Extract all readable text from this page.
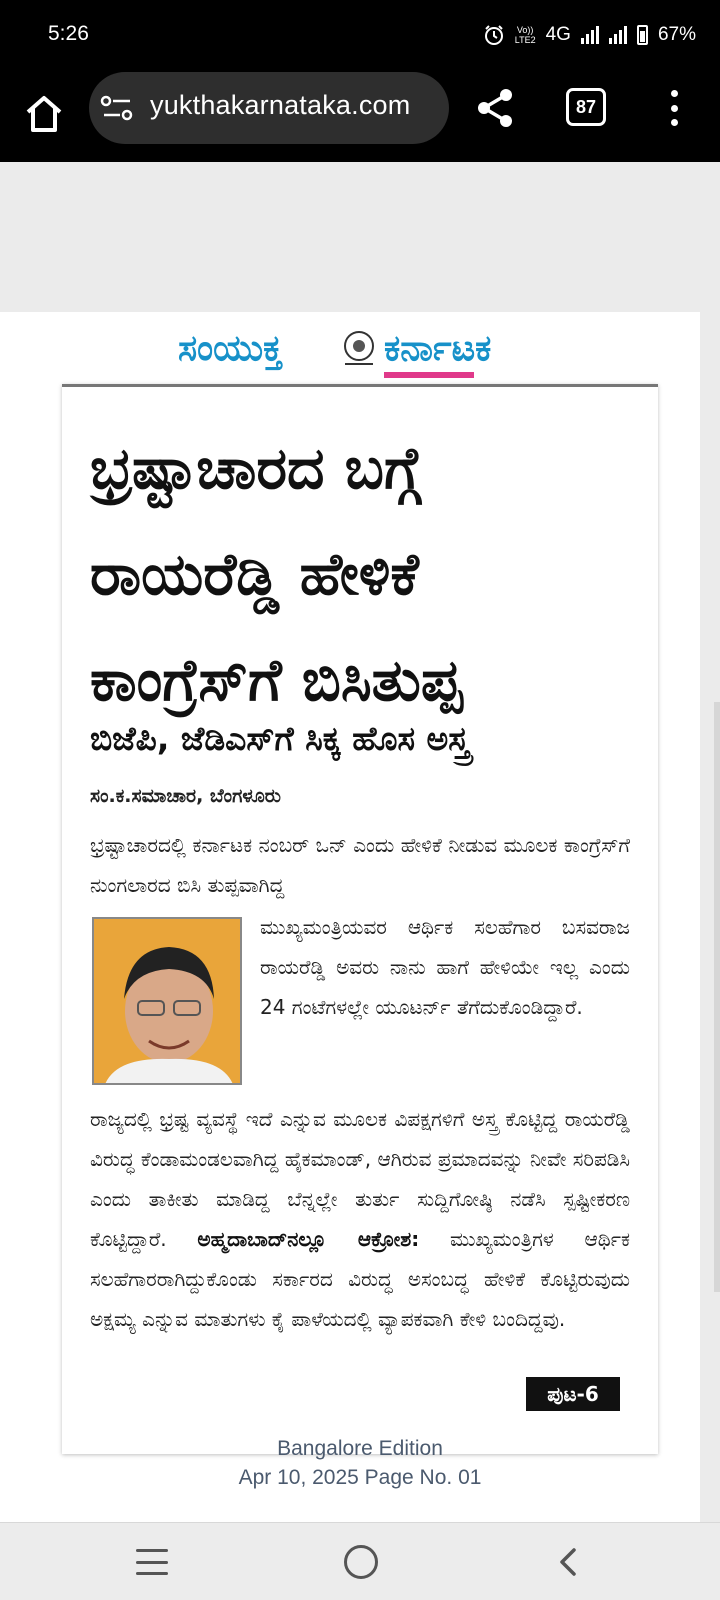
5:26	Vo))
LTE2 4G	67%
yukthakarnataka.com	87
ಸಂಯುಕ್ತ	ಕರ್ನಾಟಕ
ಭ್ರಷ್ಟಾಚಾರದ ಬಗ್ಗೆ
ರಾಯರೆಡ್ಡಿ ಹೇಳಿಕೆ
ಕಾಂಗ್ರೆಸ್‌ಗೆ ಬಿಸಿತುಪ್ಪ
ಬಿಜೆಪಿ, ಜೆಡಿಎಸ್‌ಗೆ ಸಿಕ್ಕ ಹೊಸ ಅಸ್ತ್ರ
ಸಂ.ಕ.ಸಮಾಚಾರ, ಬೆಂಗಳೂರು
ಭ್ರಷ್ಟಾಚಾರದಲ್ಲಿ ಕರ್ನಾಟಕ ನಂಬರ್ ಒನ್ ಎಂದು ಹೇಳಿಕೆ ನೀಡುವ ಮೂಲಕ ಕಾಂಗ್ರೆಸ್‌ಗೆ ನುಂಗಲಾರದ ಬಿಸಿ ತುಪ್ಪವಾಗಿದ್ದ
ಮುಖ್ಯಮಂತ್ರಿಯವರ ಆರ್ಥಿಕ ಸಲಹೆಗಾರ ಬಸವರಾಜ ರಾಯರೆಡ್ಡಿ ಅವರು ನಾನು ಹಾಗೆ ಹೇಳಿಯೇ ಇಲ್ಲ ಎಂದು 24 ಗಂಟೆಗಳಲ್ಲೇ ಯೂಟರ್ನ್ ತೆಗೆದುಕೊಂಡಿದ್ದಾರೆ.
ರಾಜ್ಯದಲ್ಲಿ ಭ್ರಷ್ಟ ವ್ಯವಸ್ಥೆ ಇದೆ ಎನ್ನುವ ಮೂಲಕ ವಿಪಕ್ಷಗಳಿಗೆ ಅಸ್ತ್ರ ಕೊಟ್ಟಿದ್ದ ರಾಯರೆಡ್ಡಿ ವಿರುದ್ಧ ಕೆಂಡಾಮಂಡಲವಾಗಿದ್ದ ಹೈಕಮಾಂಡ್, ಆಗಿರುವ ಪ್ರಮಾದವನ್ನು ನೀವೇ ಸರಿಪಡಿಸಿ ಎಂದು ತಾಕೀತು ಮಾಡಿದ್ದ ಬೆನ್ನಲ್ಲೇ ತುರ್ತು ಸುದ್ದಿಗೋಷ್ಠಿ ನಡೆಸಿ ಸ್ಪಷ್ಟೀಕರಣ ಕೊಟ್ಟಿದ್ದಾರೆ. ಅಹ್ಮದಾಬಾದ್‌ನಲ್ಲೂ ಆಕ್ರೋಶ: ಮುಖ್ಯಮಂತ್ರಿಗಳ ಆರ್ಥಿಕ ಸಲಹೆಗಾರರಾಗಿದ್ದುಕೊಂಡು ಸರ್ಕಾರದ ವಿರುದ್ಧ ಅಸಂಬದ್ಧ ಹೇಳಿಕೆ ಕೊಟ್ಟಿರುವುದು ಅಕ್ಷಮ್ಯ ಎನ್ನುವ ಮಾತುಗಳು ಕೈ ಪಾಳೆಯದಲ್ಲಿ ವ್ಯಾಪಕವಾಗಿ ಕೇಳಿ ಬಂದಿದ್ದವು.
ಪುಟ-6
Bangalore Edition
Apr 10, 2025 Page No. 01
